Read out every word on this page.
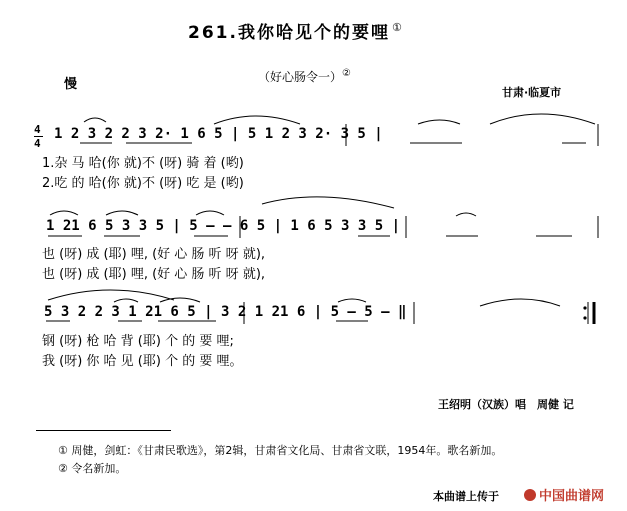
261.我你哈见个的要哩 ①
慢	（好心肠令一）②
甘肃·临夏市
4
4
1 2 3 2 2 3 2· 1 6 5 | 5 1 2 3 2· 3 5 |
1.杂 马 哈(你 就)不 (呀) 骑 着 (哟)
2.吃 的 哈(你 就)不 (呀) 吃 是 (哟)
1 21 6 5 3 3 5 | 5 — — 6 5 | 1 6 5 3 3 5 |
也 (呀) 成 (耶) 哩, (好 心 肠 听 呀 就),
也 (呀) 成 (耶) 哩, (好 心 肠 听 呀 就),
5 3 2 2 3 1 21 6 5 | 3 2 1 21 6 | 5 — 5 — ‖
钢 (呀) 枪 哈 背 (耶) 个 的 要 哩;
我 (呀) 你 哈 见 (耶) 个 的 要 哩。
王绍明（汉族）唱　周健 记
① 周健，剑虹：《甘肃民歌选》，第2辑，甘肃省文化局、甘肃省文联，1954年。歌名新加。
② 令名新加。
本曲谱上传于	中国曲谱网
